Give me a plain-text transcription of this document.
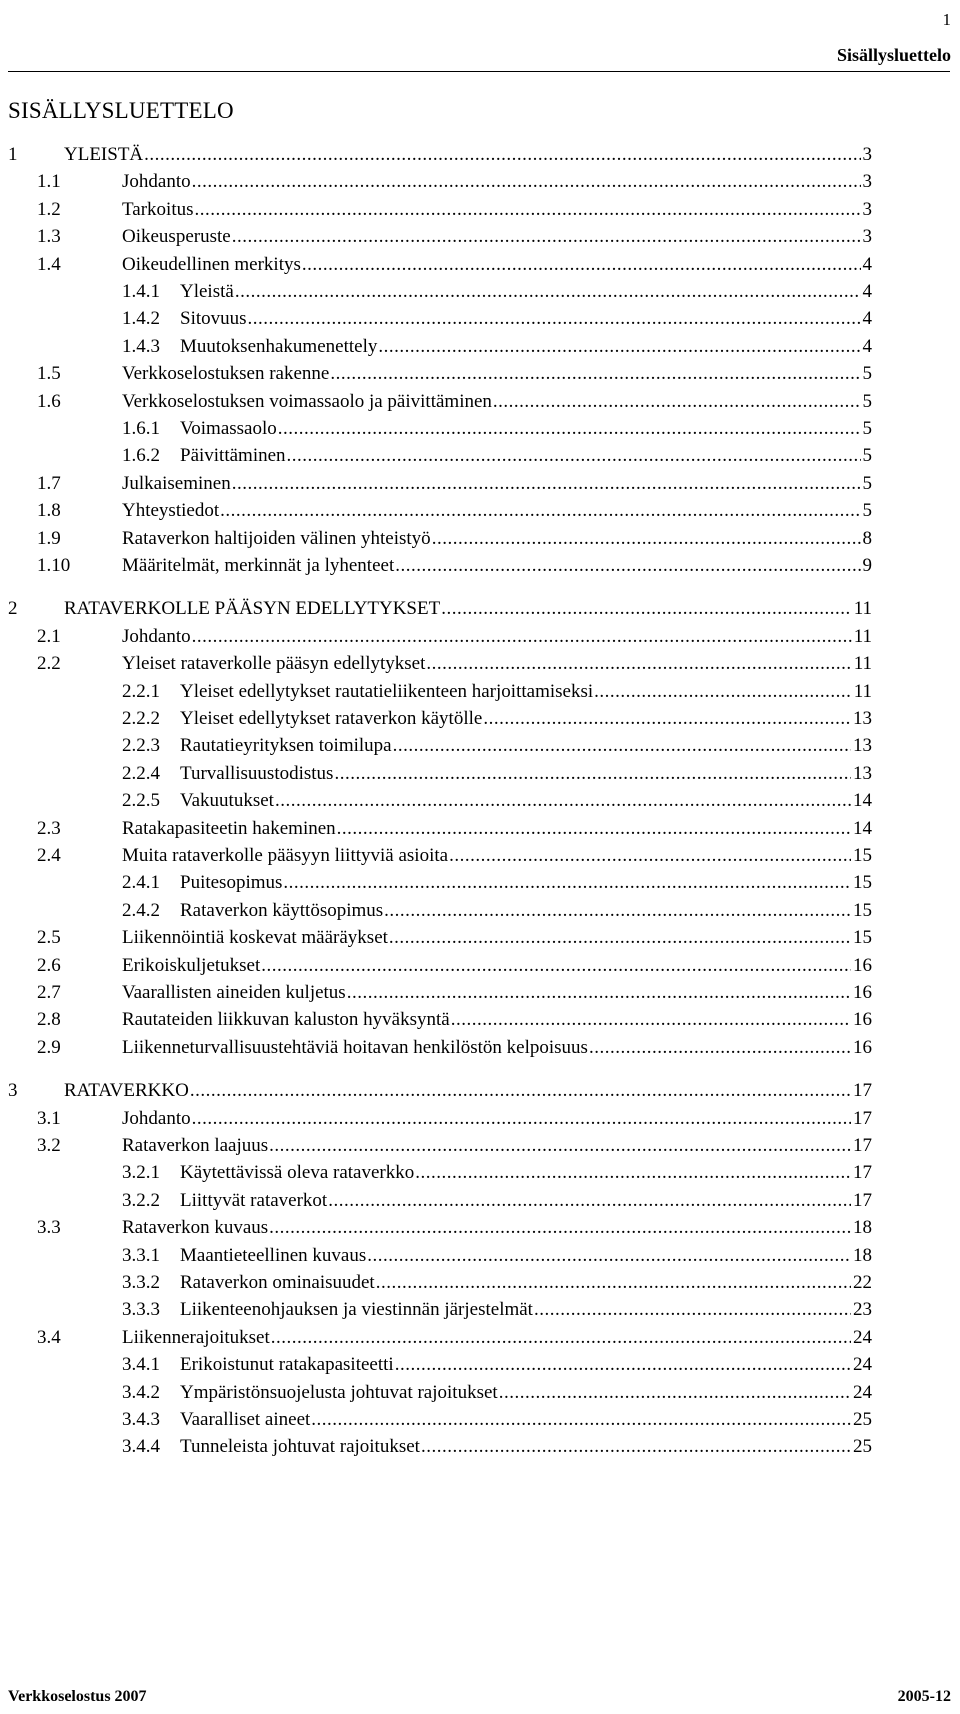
1
Sisällysluettelo
SISÄLLYSLUETTELO
1 YLEISTÄ .....	3
1.1	Johdanto .....	3
1.2	Tarkoitus .....	3
1.3	Oikeusperuste .....	3
1.4	Oikeudellinen merkitys .....	4
1.4.1 Yleistä .....	4
1.4.2 Sitovuus .....	4
1.4.3 Muutoksenhakumenettely .....	4
1.5	Verkkoselostuksen rakenne .....	5
1.6	Verkkoselostuksen voimassaolo ja päivittäminen .....	5
1.6.1 Voimassaolo .....	5
1.6.2 Päivittäminen .....	5
1.7	Julkaiseminen .....	5
1.8	Yhteystiedot .....	5
1.9	Rataverkon haltijoiden välinen yhteistyö .....	8
1.10	Määritelmät, merkinnät ja lyhenteet .....	9
2 RATAVERKOLLE PÄÄSYN EDELLYTYKSET .....	11
2.1	Johdanto .....	11
2.2	Yleiset rataverkolle pääsyn edellytykset .....	11
2.2.1 Yleiset edellytykset rautatieliikenteen harjoittamiseksi .....	11
2.2.2 Yleiset edellytykset rataverkon käytölle .....	13
2.2.3 Rautatieyrityksen toimilupa .....	13
2.2.4 Turvallisuustodistus .....	13
2.2.5 Vakuutukset .....	14
2.3	Ratakapasiteetin hakeminen .....	14
2.4	Muita rataverkolle pääsyyn liittyviä asioita .....	15
2.4.1 Puitesopimus .....	15
2.4.2 Rataverkon käyttösopimus .....	15
2.5	Liikennöintiä koskevat määräykset .....	15
2.6	Erikoiskuljetukset .....	16
2.7	Vaarallisten aineiden kuljetus .....	16
2.8	Rautateiden liikkuvan kaluston hyväksyntä .....	16
2.9	Liikenneturvallisuustehtäviä hoitavan henkilöstön kelpoisuus .....	16
3 RATAVERKKO .....	17
3.1	Johdanto .....	17
3.2	Rataverkon laajuus .....	17
3.2.1 Käytettävissä oleva rataverkko .....	17
3.2.2 Liittyvät rataverkot .....	17
3.3	Rataverkon kuvaus .....	18
3.3.1 Maantieteellinen kuvaus .....	18
3.3.2 Rataverkon ominaisuudet .....	22
3.3.3 Liikenteenohjauksen ja viestinnän järjestelmät .....	23
3.4	Liikennerajoitukset .....	24
3.4.1 Erikoistunut ratakapasiteetti .....	24
3.4.2 Ympäristönsuojelusta johtuvat rajoitukset .....	24
3.4.3 Vaaralliset aineet .....	25
3.4.4 Tunneleista johtuvat rajoitukset .....	25
Verkkoselostus 2007	2005-12
